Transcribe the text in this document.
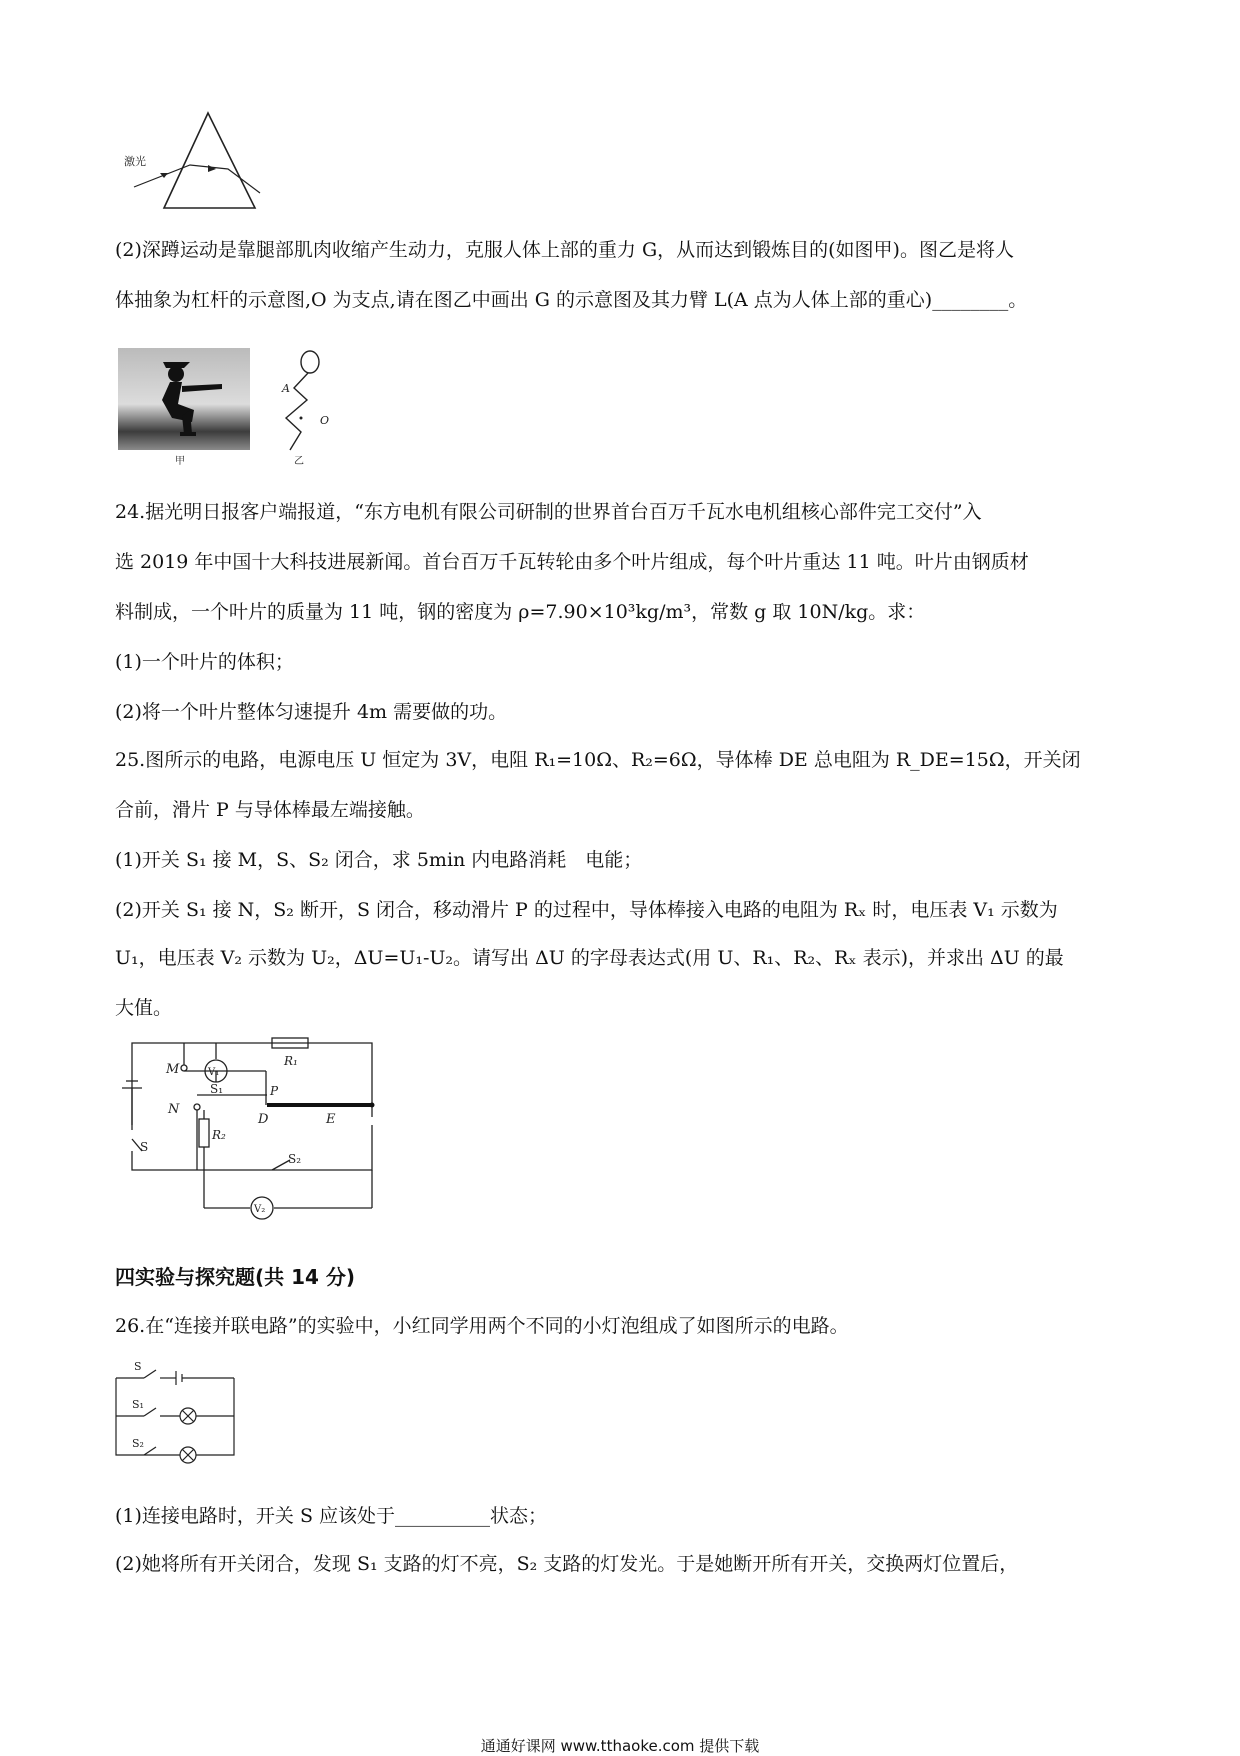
激光
(2)深蹲运动是靠腿部肌肉收缩产生动力，克服人体上部的重力 G，从而达到锻炼目的(如图甲)。图乙是将人
体抽象为杠杆的示意图,O 为支点,请在图乙中画出 G 的示意图及其力臂 L(A 点为人体上部的重心)________。
甲
A
O
乙
24.据光明日报客户端报道，“东方电机有限公司研制的世界首台百万千瓦水电机组核心部件完工交付”入
选 2019 年中国十大科技进展新闻。首台百万千瓦转轮由多个叶片组成，每个叶片重达 11 吨。叶片由钢质材
料制成，一个叶片的质量为 11 吨，钢的密度为 ρ=7.90×10³kg/m³，常数 g 取 10N/kg。求：
(1)一个叶片的体积；
(2)将一个叶片整体匀速提升 4m 需要做的功。
25.图所示的电路，电源电压 U 恒定为 3V，电阻 R₁=10Ω、R₂=6Ω，导体棒 DE 总电阻为 R_DE=15Ω，开关闭
合前，滑片 P 与导体棒最左端接触。
(1)开关 S₁ 接 M，S、S₂ 闭合，求 5min 内电路消耗　电能；
(2)开关 S₁ 接 N，S₂ 断开，S 闭合，移动滑片 P 的过程中，导体棒接入电路的电阻为 Rₓ 时，电压表 V₁ 示数为
U₁，电压表 V₂ 示数为 U₂，ΔU=U₁-U₂。请写出 ΔU 的字母表达式(用 U、R₁、R₂、Rₓ 表示)，并求出 ΔU 的最
大值。
M
N
S₁	P
D	E
R₁
R₂
S
S₂
V₁
V₂
四实验与探究题(共 14 分)
26.在“连接并联电路”的实验中，小红同学用两个不同的小灯泡组成了如图所示的电路。
S
S₁
S₂
(1)连接电路时，开关 S 应该处于__________状态；
(2)她将所有开关闭合，发现 S₁ 支路的灯不亮，S₂ 支路的灯发光。于是她断开所有开关，交换两灯位置后，
通通好课网 www.tthaoke.com 提供下载
